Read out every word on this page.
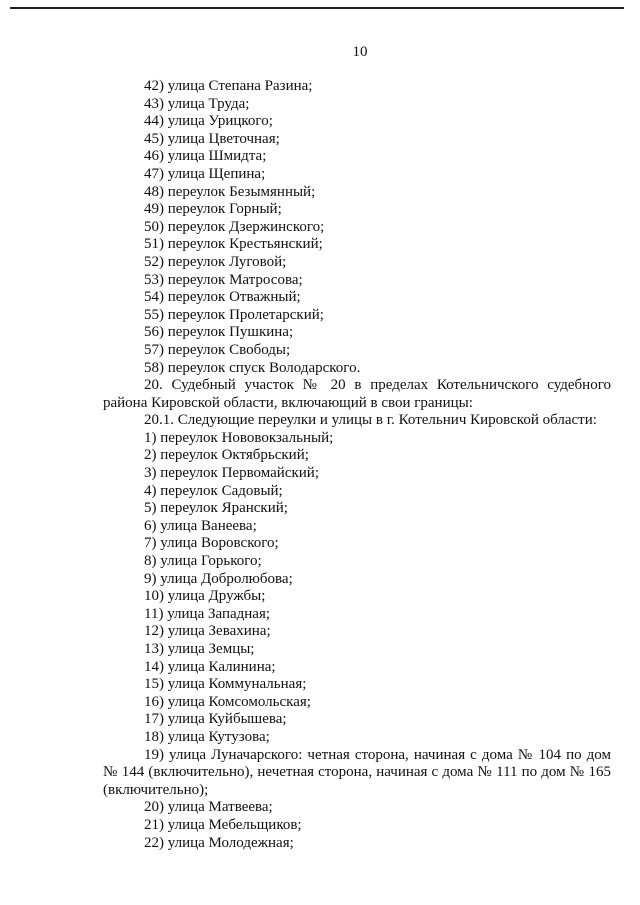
10
42) улица Степана Разина;
43) улица Труда;
44) улица Урицкого;
45) улица Цветочная;
46) улица Шмидта;
47) улица Щепина;
48) переулок Безымянный;
49) переулок Горный;
50) переулок Дзержинского;
51) переулок Крестьянский;
52) переулок Луговой;
53) переулок Матросова;
54) переулок Отважный;
55) переулок Пролетарский;
56) переулок Пушкина;
57) переулок Свободы;
58) переулок спуск Володарского.
20. Судебный участок № 20 в пределах Котельничского судебного района Кировской области, включающий в свои границы:
20.1. Следующие переулки и улицы в г. Котельнич Кировской области:
1) переулок Нововокзальный;
2) переулок Октябрьский;
3) переулок Первомайский;
4) переулок Садовый;
5) переулок Яранский;
6) улица Ванеева;
7) улица Воровского;
8) улица Горького;
9) улица Добролюбова;
10) улица Дружбы;
11) улица Западная;
12) улица Зевахина;
13) улица Земцы;
14) улица Калинина;
15) улица Коммунальная;
16) улица Комсомольская;
17) улица Куйбышева;
18) улица Кутузова;
19) улица Луначарского: четная сторона, начиная с дома № 104 по дом № 144 (включительно), нечетная сторона, начиная с дома № 111 по дом № 165 (включительно);
20) улица Матвеева;
21) улица Мебельщиков;
22) улица Молодежная;
